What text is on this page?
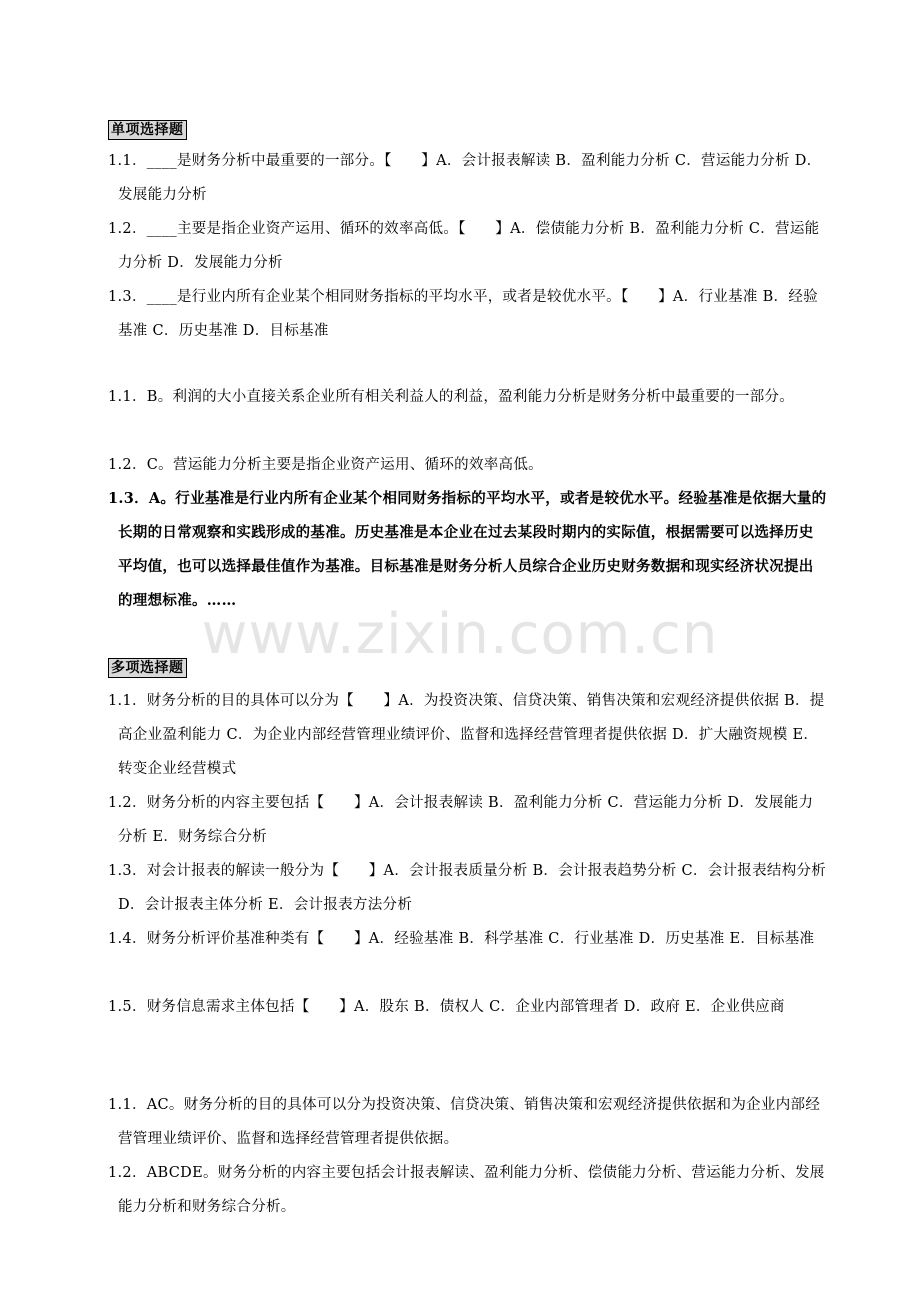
单项选择题
1.1．____是财务分析中最重要的一部分。【　　】A．会计报表解读 B．盈利能力分析 C．营运能力分析 D．发展能力分析
1.2．____主要是指企业资产运用、循环的效率高低。【　　】A．偿债能力分析 B．盈利能力分析 C．营运能力分析 D．发展能力分析
1.3．____是行业内所有企业某个相同财务指标的平均水平，或者是较优水平。【　　】A．行业基准 B．经验基准 C．历史基准 D．目标基准
1.1．B。利润的大小直接关系企业所有相关利益人的利益，盈利能力分析是财务分析中最重要的一部分。
1.2．C。营运能力分析主要是指企业资产运用、循环的效率高低。
1.3．A。行业基准是行业内所有企业某个相同财务指标的平均水平，或者是较优水平。经验基准是依据大量的长期的日常观察和实践形成的基准。历史基准是本企业在过去某段时期内的实际值，根据需要可以选择历史平均值，也可以选择最佳值作为基准。目标基准是财务分析人员综合企业历史财务数据和现实经济状况提出的理想标准。……
www.zixin.com.cn
多项选择题
1.1．财务分析的目的具体可以分为【　　】A．为投资决策、信贷决策、销售决策和宏观经济提供依据 B．提高企业盈利能力 C．为企业内部经营管理业绩评价、监督和选择经营管理者提供依据 D．扩大融资规模 E．转变企业经营模式
1.2．财务分析的内容主要包括【　　】A．会计报表解读 B．盈利能力分析 C．营运能力分析 D．发展能力分析 E．财务综合分析
1.3．对会计报表的解读一般分为【　　】A．会计报表质量分析 B．会计报表趋势分析 C．会计报表结构分析 D．会计报表主体分析 E．会计报表方法分析
1.4．财务分析评价基准种类有【　　】A．经验基准 B．科学基准 C．行业基准 D．历史基准 E．目标基准
1.5．财务信息需求主体包括【　　】A．股东 B．债权人 C．企业内部管理者 D．政府 E．企业供应商
1.1．AC。财务分析的目的具体可以分为投资决策、信贷决策、销售决策和宏观经济提供依据和为企业内部经营管理业绩评价、监督和选择经营管理者提供依据。
1.2．ABCDE。财务分析的内容主要包括会计报表解读、盈利能力分析、偿债能力分析、营运能力分析、发展能力分析和财务综合分析。
